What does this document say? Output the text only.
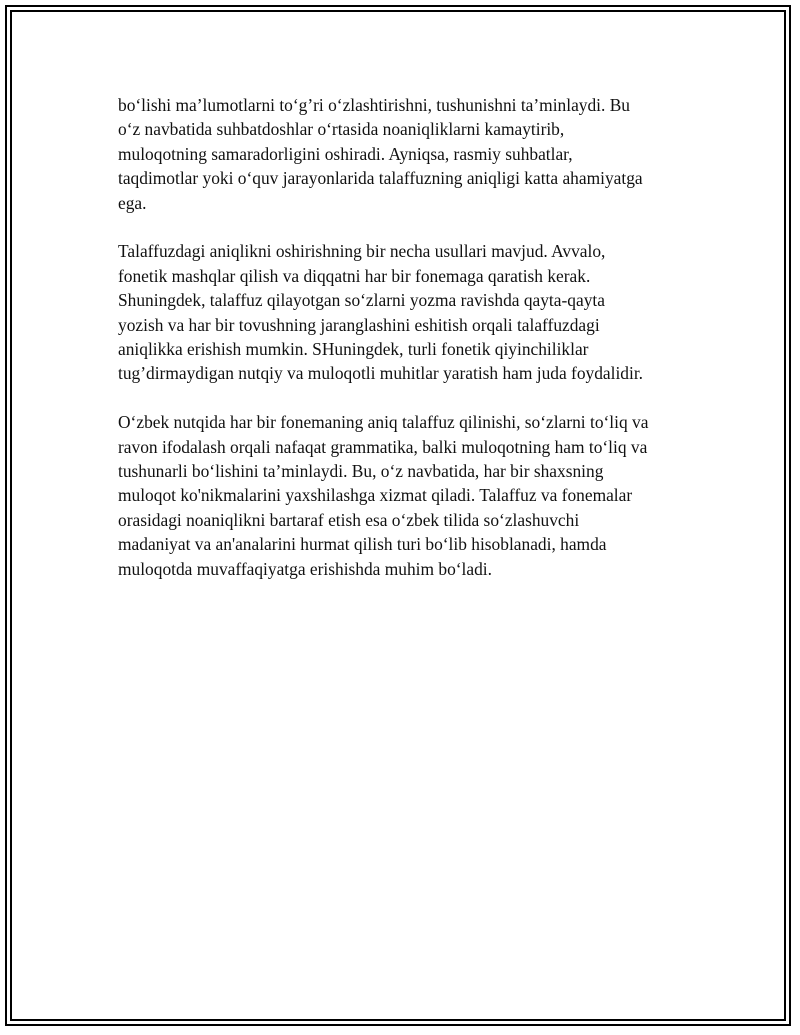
bo‘lishi ma’lumotlarni to‘g’ri o‘zlashtirishni, tushunishni ta’minlaydi. Bu
o‘z navbatida suhbatdoshlar o‘rtasida noaniqliklarni kamaytirib,
muloqotning samaradorligini oshiradi. Ayniqsa, rasmiy suhbatlar,
taqdimotlar yoki o‘quv jarayonlarida talaffuzning aniqligi katta ahamiyatga
ega.

Talaffuzdagi aniqlikni oshirishning bir necha usullari mavjud. Avvalo,
fonetik mashqlar qilish va diqqatni har bir fonemaga qaratish kerak.
Shuningdek, talaffuz qilayotgan so‘zlarni yozma ravishda qayta-qayta
yozish va har bir tovushning jaranglashini eshitish orqali talaffuzdagi
aniqlikka erishish mumkin. SHuningdek, turli fonetik qiyinchiliklar
tug’dirmaydigan nutqiy va muloqotli muhitlar yaratish ham juda foydalidir.

O‘zbek nutqida har bir fonemaning aniq talaffuz qilinishi, so‘zlarni to‘liq va
ravon ifodalash orqali nafaqat grammatika, balki muloqotning ham to‘liq va
tushunarli bo‘lishini ta’minlaydi. Bu, o‘z navbatida, har bir shaxsning
muloqot ko'nikmalarini yaxshilashga xizmat qiladi. Talaffuz va fonemalar
orasidagi noaniqlikni bartaraf etish esa o‘zbek tilida so‘zlashuvchi
madaniyat va an'analarini hurmat qilish turi bo‘lib hisoblanadi, hamda
muloqotda muvaffaqiyatga erishishda muhim bo‘ladi.
